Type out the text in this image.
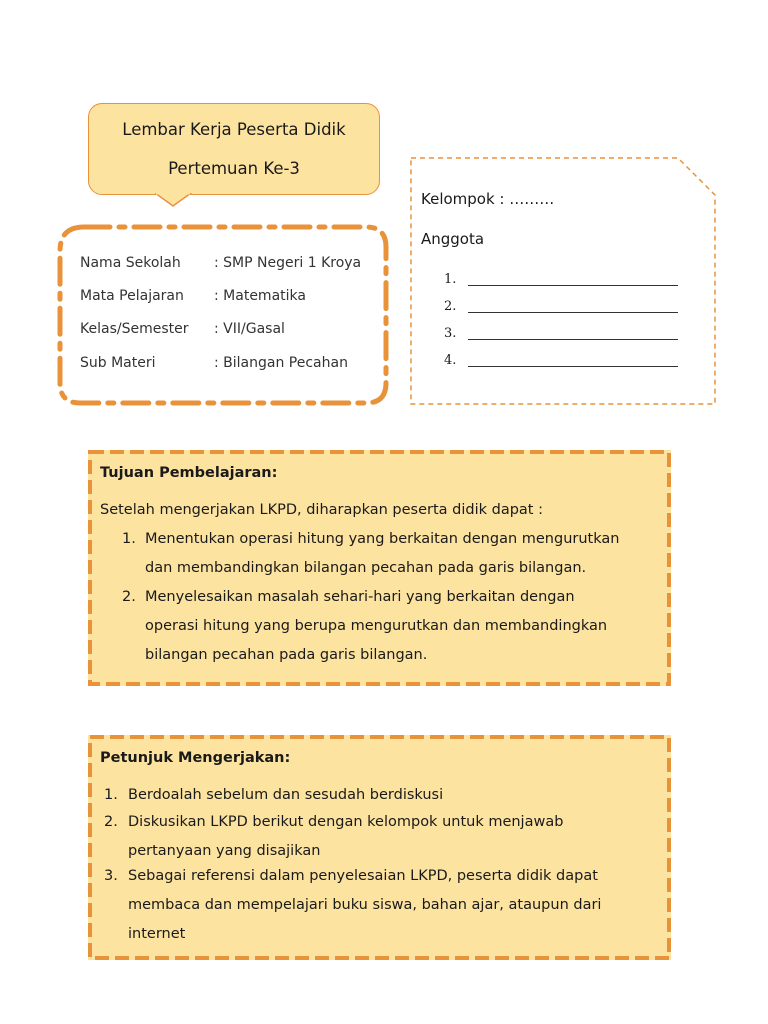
Lembar Kerja Peserta Didik
Pertemuan Ke-3
Nama Sekolah : SMP Negeri 1 Kroya
Mata Pelajaran : Matematika
Kelas/Semester : VII/Gasal
Sub Materi	: Bilangan Pecahan
Kelompok : ………
Anggota
1.
2.
3.
4.
Tujuan Pembelajaran:
Setelah mengerjakan LKPD, diharapkan peserta didik dapat :
1. Menentukan operasi hitung yang berkaitan dengan mengurutkan
dan membandingkan bilangan pecahan pada garis bilangan.
2. Menyelesaikan masalah sehari-hari yang berkaitan dengan
operasi hitung yang berupa mengurutkan dan membandingkan
bilangan pecahan pada garis bilangan.
Petunjuk Mengerjakan:
1. Berdoalah sebelum dan sesudah berdiskusi
2. Diskusikan LKPD berikut dengan kelompok untuk menjawab
pertanyaan yang disajikan
3. Sebagai referensi dalam penyelesaian LKPD, peserta didik dapat
membaca dan mempelajari buku siswa, bahan ajar, ataupun dari
internet
